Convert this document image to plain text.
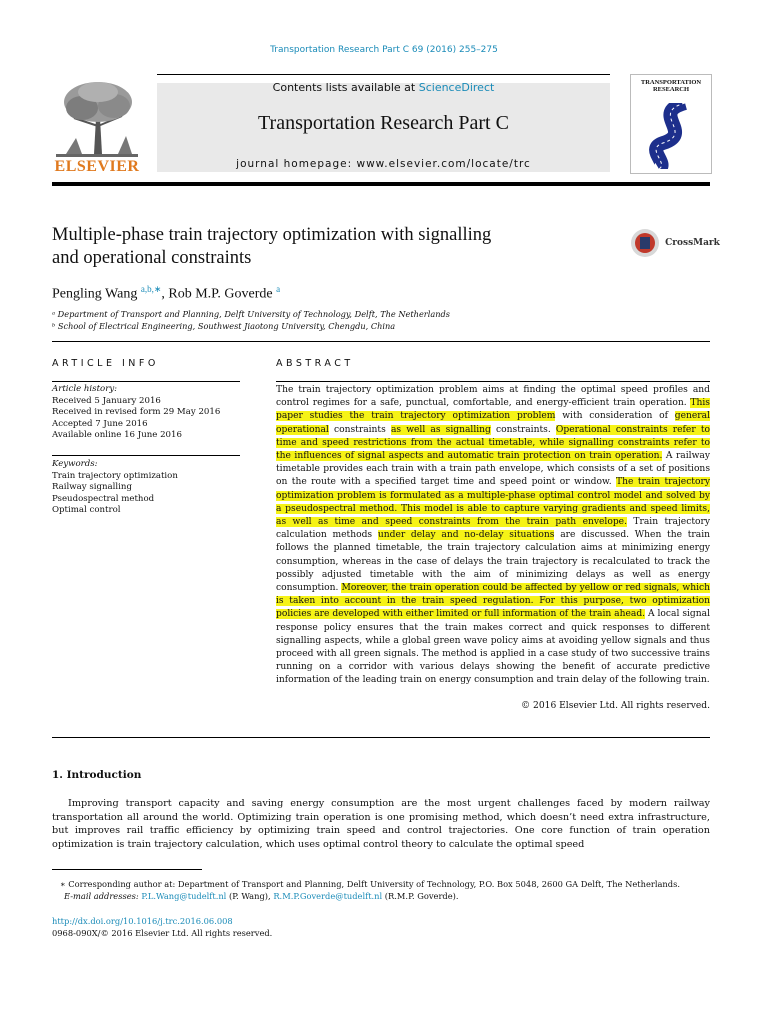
Transportation Research Part C 69 (2016) 255–275
Contents lists available at ScienceDirect
Transportation Research Part C
journal homepage: www.elsevier.com/locate/trc
ELSEVIER
TRANSPORTATION
RESEARCH
Multiple-phase train trajectory optimization with signalling
and operational constraints
CrossMark
Pengling Wang $^{a,b,∗}$, Rob M.P. Goverde $^a$
ᵃ Department of Transport and Planning, Delft University of Technology, Delft, The Netherlands
ᵇ School of Electrical Engineering, Southwest Jiaotong University, Chengdu, China
ARTICLE INFO
Article history:
Received 5 January 2016
Received in revised form 29 May 2016
Accepted 7 June 2016
Available online 16 June 2016
Keywords:
Train trajectory optimization
Railway signalling
Pseudospectral method
Optimal control
ABSTRACT
The train trajectory optimization problem aims at finding the optimal speed profiles and control regimes for a safe, punctual, comfortable, and energy-efficient train operation. This paper studies the train trajectory optimization problem with consideration of general operational constraints as well as signalling constraints. Operational constraints refer to time and speed restrictions from the actual timetable, while signalling constraints refer to the influences of signal aspects and automatic train protection on train operation. A railway timetable provides each train with a train path envelope, which consists of a set of positions on the route with a specified target time and speed point or window. The train trajectory optimization problem is formulated as a multiple-phase optimal control model and solved by a pseudospectral method. This model is able to capture varying gradients and speed limits, as well as time and speed constraints from the train path envelope. Train trajectory calculation methods under delay and no-delay situations are discussed. When the train follows the planned timetable, the train trajectory calculation aims at minimizing energy consumption, whereas in the case of delays the train trajectory is recalculated to track the possibly adjusted timetable with the aim of minimizing delays as well as energy consumption. Moreover, the train operation could be affected by yellow or red signals, which is taken into account in the train speed regulation. For this purpose, two optimization policies are developed with either limited or full information of the train ahead. A local signal response policy ensures that the train makes correct and quick responses to different signalling aspects, while a global green wave policy aims at avoiding yellow signals and thus proceed with all green signals. The method is applied in a case study of two successive trains running on a corridor with various delays showing the benefit of accurate predictive information of the leading train on energy consumption and train delay of the following train.
© 2016 Elsevier Ltd. All rights reserved.
1. Introduction
Improving transport capacity and saving energy consumption are the most urgent challenges faced by modern railway transportation all around the world. Optimizing train operation is one promising method, which doesn’t need extra infrastructure, but improves rail traffic efficiency by optimizing train speed and control trajectories. One core function of train operation optimization is train trajectory calculation, which uses optimal control theory to calculate the optimal speed
∗ Corresponding author at: Department of Transport and Planning, Delft University of Technology, P.O. Box 5048, 2600 GA Delft, The Netherlands.
E-mail addresses: P.L.Wang@tudelft.nl (P. Wang), R.M.P.Goverde@tudelft.nl (R.M.P. Goverde).
http://dx.doi.org/10.1016/j.trc.2016.06.008
0968-090X/© 2016 Elsevier Ltd. All rights reserved.
